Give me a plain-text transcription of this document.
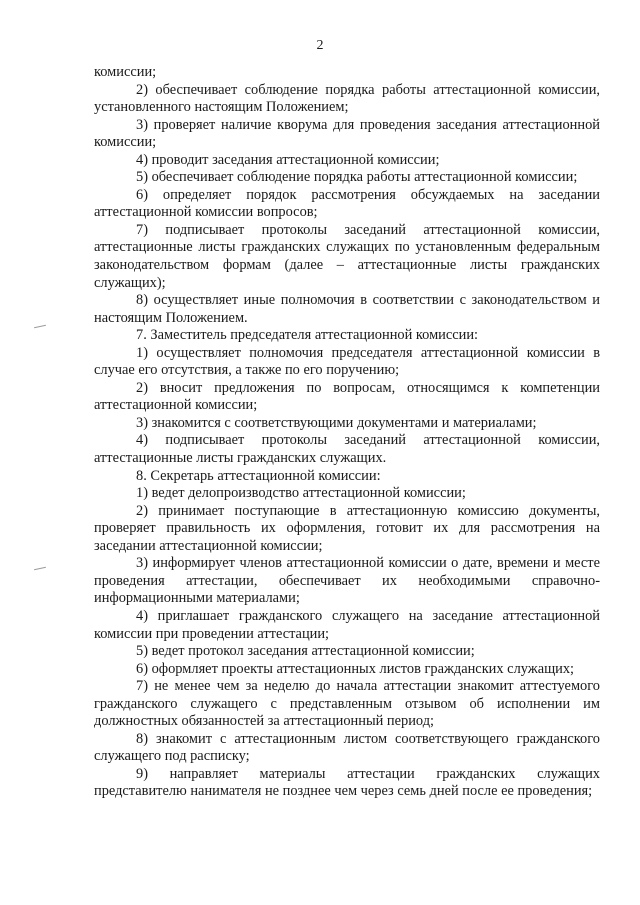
2

комиссии;

2) обеспечивает соблюдение порядка работы аттестационной комиссии, установленного настоящим Положением;

3) проверяет наличие кворума для проведения заседания аттестационной комиссии;

4) проводит заседания аттестационной комиссии;

5) обеспечивает соблюдение порядка работы аттестационной комиссии;

6) определяет порядок рассмотрения обсуждаемых на заседании аттестационной комиссии вопросов;

7) подписывает протоколы заседаний аттестационной комиссии, аттестационные листы гражданских служащих по установленным федеральным законодательством формам (далее – аттестационные листы гражданских служащих);

8) осуществляет иные полномочия в соответствии с законодательством и настоящим Положением.

7. Заместитель председателя аттестационной комиссии:

1) осуществляет полномочия председателя аттестационной комиссии в случае его отсутствия, а также по его поручению;

2) вносит предложения по вопросам, относящимся к компетенции аттестационной комиссии;

3) знакомится с соответствующими документами и материалами;

4) подписывает протоколы заседаний аттестационной комиссии, аттестационные листы гражданских служащих.

8. Секретарь аттестационной комиссии:

1) ведет делопроизводство аттестационной комиссии;

2) принимает поступающие в аттестационную комиссию документы, проверяет правильность их оформления, готовит их для рассмотрения на заседании аттестационной комиссии;

3) информирует членов аттестационной комиссии о дате, времени и месте проведения аттестации, обеспечивает их необходимыми справочно-информационными материалами;

4) приглашает гражданского служащего на заседание аттестационной комиссии при проведении аттестации;

5) ведет протокол заседания аттестационной комиссии;

6) оформляет проекты аттестационных листов гражданских служащих;

7) не менее чем за неделю до начала аттестации знакомит аттестуемого гражданского служащего с представленным отзывом об исполнении им должностных обязанностей за аттестационный период;

8) знакомит с аттестационным листом соответствующего гражданского служащего под расписку;

9) направляет материалы аттестации гражданских служащих представителю нанимателя не позднее чем через семь дней после ее проведения;
